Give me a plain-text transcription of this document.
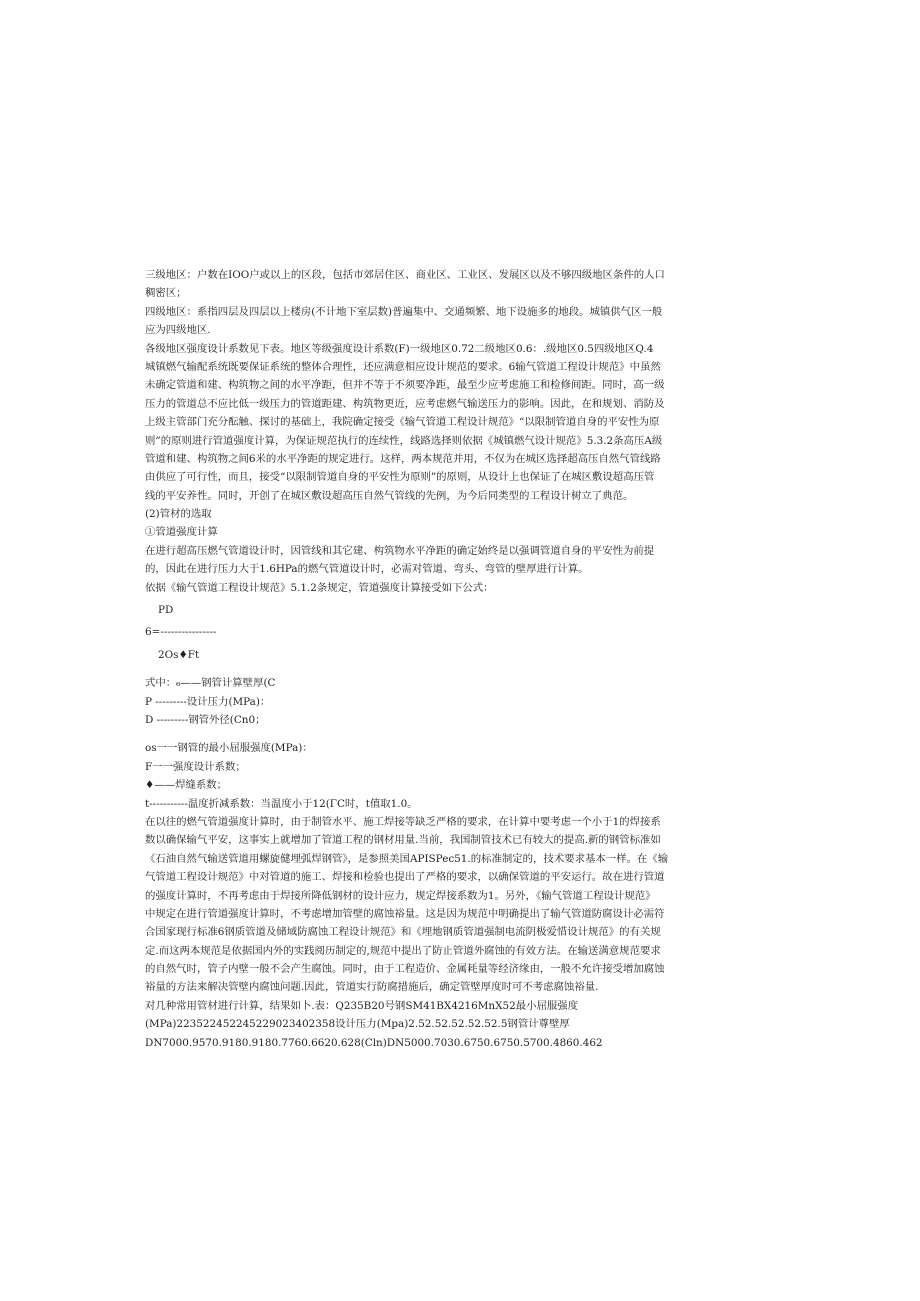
三级地区：户数在IOO户或以上的区段，包括市郊居住区、商业区、工业区、发展区以及不够四级地区条件的人口
稠密区；
四级地区：系指四层及四层以上楼房(不计地下室层数)普遍集中、交通频繁、地下设施多的地段。城镇供气区一般
应为四级地区.
各级地区强度设计系数见下表。地区等级强度设计系数(F)一级地区0.72二级地区0.6：.级地区0.5四级地区Q.4
城镇燃气输配系统既要保证系统的整体合理性，还应满意相应设计规范的要求。6输气管道工程设计规范》中虽然
未确定管道和建、构筑物之间的水平净距，但并不等于不须要净距，最至少应考虑施工和检修间距。同时，高一级
压力的管道总不应比低一级压力的管道距建、构筑物更近，应考虑燃气输送压力的影响。因此，在和规划、消防及
上级主管部门充分酝触、探讨的基础上，我院确定接受《输气管道工程设计规范》“以限制管道自身的平安性为原
则”的原则进行管道强度计算，为保证规范执行的连续性，线路选择则依据《城镇燃气设计规范》5.3.2条高压A级
管道和建、构筑物之间6米的水平净距的规定进行。这样，两本规范并用，不仅为在城区选择超高压自然气管线路
由供应了可行性，而且，接受“以限制管道自身的平安性为原则”的原则，从设计上也保证了在城区敷设超高压管
线的平安养性。同时，开创了在城区敷设超高压自然气管线的先例，为今后同类型的工程设计树立了典范。
(2)管材的选取
①管道强度计算
在进行超高压燃气管道设计时，因管线和其它建、构筑物水平净距的确定始终是以强调管道自身的平安性为前提
的，因此在进行压力大于1.6HPa的燃气管道设计时，必需对管道、弯头、弯管的壁厚进行计算。
依据《输气管道工程设计规范》5.1.2条规定，管道强度计算接受如下公式：
PD
6=----------------
2Os♦Ft
式中：₆——钢管计算壁厚(C
P ---------设计压力(MPa)：
D ---------钢管外径(Cn0；
os一一钢管的最小屈服强度(MPa)：
F一一强度设计系数；
♦——焊缝系数；
t-----------温度折减系数：当温度小于12(ΓC时，t值取1.0。
在以往的燃气管道强度计算时，由于制管水平、施工焊接等缺乏严格的要求，在计算中要考虑一个小于1的焊接系
数以确保输气平安，这事实上就增加了管道工程的钢材用量.当前，我国制管技术已有较大的提高.新的钢管标准如
《石油自然气输送管道用螺旋健埋弧焊钢管》，是参照美国APISPec51.的标准制定的，技术要求基本一样。在《输
气管道工程设计规范》中对管道的施工、焊接和检验也提出了严格的要求，以确保管道的平安运行。故在进行管道
的强度计算时，不再考虑由于焊接所降低钢材的设计应力，规定焊接系数为1。另外，《输气管道工程设计规范》
中规定在进行管道强度计算时，不考虑增加管壁的腐蚀裕量。这是因为规范中明确提出了输气管道防腐设计必需符
合国家现行标准6钢质管道及储域防腐蚀工程设计规范》和《埋地钢质管道强制电流阴极爱惜设计规范》的有关规
定.而这两本规范是依据国内外的实践阅历制定的,规范中提出了防止管道外腐蚀的有效方法。在输送满意规范要求
的自然气时，管子内壁一般不会产生腐蚀。同时，由于工程造价、金属耗量等经济缘由，一般不允许接受增加腐蚀
裕量的方法来解决管壁内腐蚀问题.因此，管道实行防腐措施后，确定管壁厚度时可不考虑腐蚀裕量.
对几种常用管材进行计算，结果如卜.表：Q235B20号钢SM41BX4216MnX52最小屈服强度
(MPa)223522452245229023402358设计压力(Mpa)2.52.52.52.52.52.5钢管计尊壁厚
DN7000.9570.9180.9180.7760.6620.628(Cln)DN5000.7030.6750.6750.5700.4860.462
